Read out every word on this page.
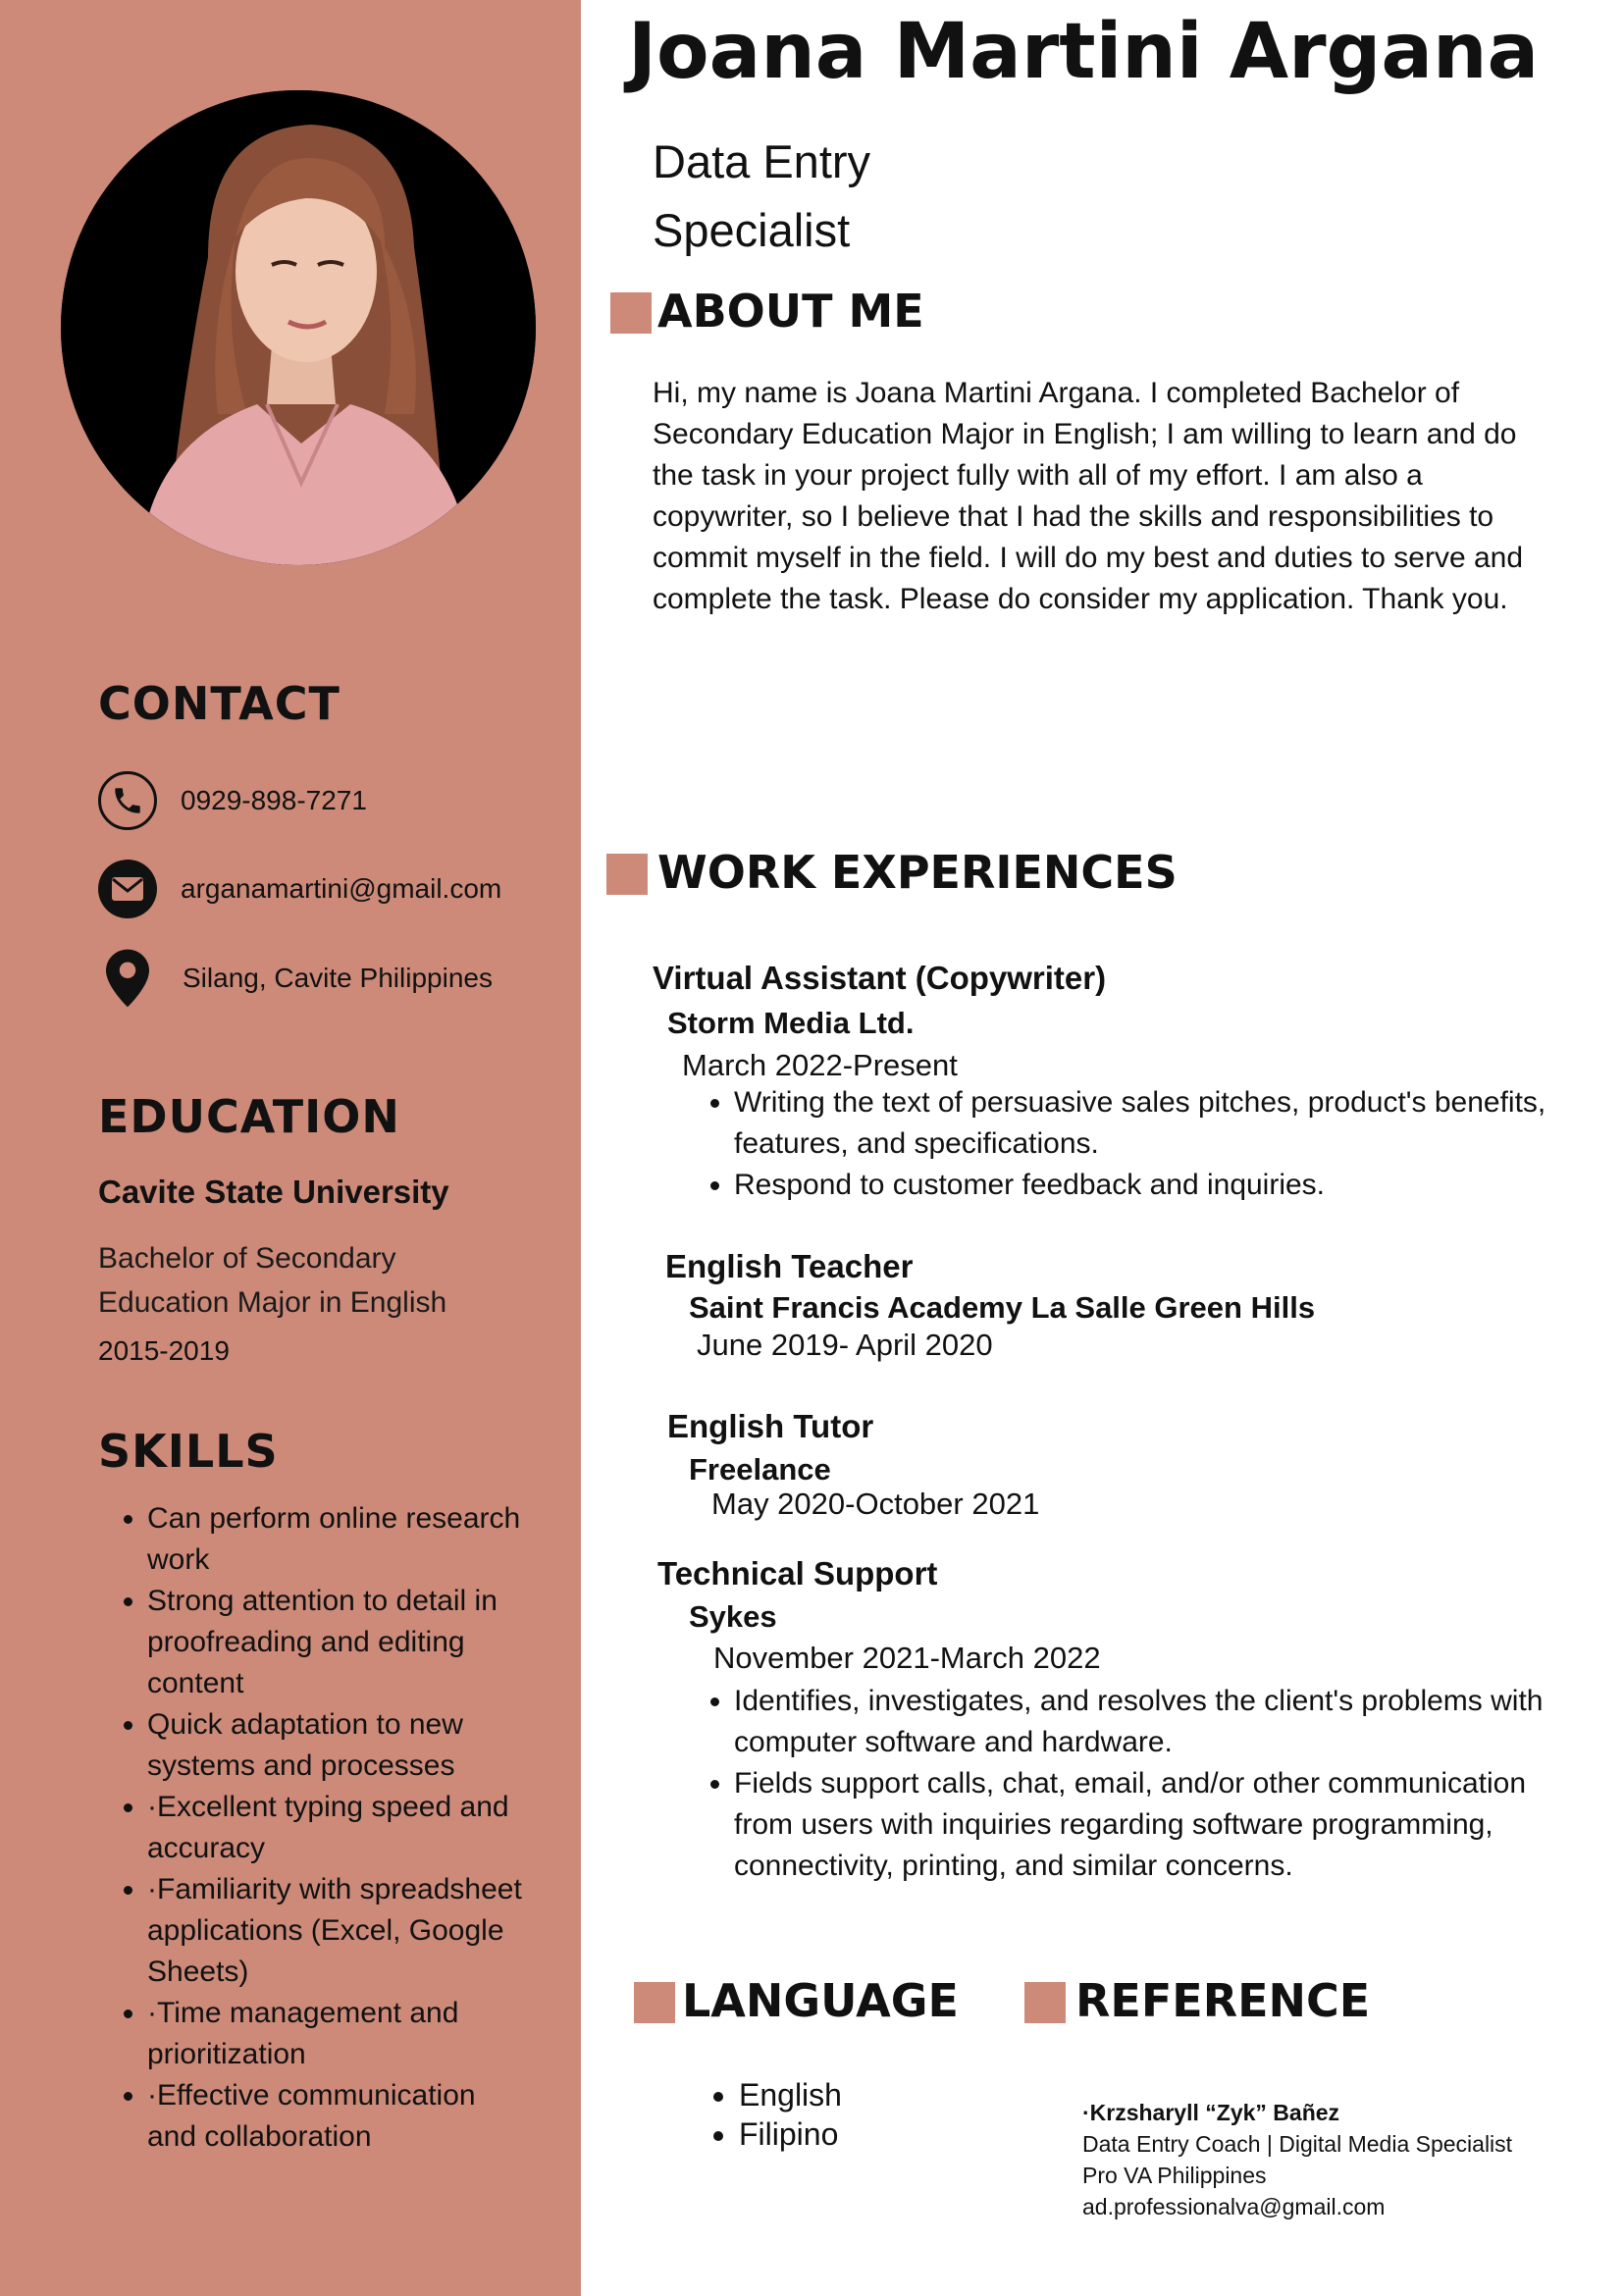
CONTACT
0929-898-7271
arganamartini@gmail.com
Silang, Cavite Philippines
EDUCATION
Cavite State University
Bachelor of Secondary
Education Major in English
2015-2019
SKILLS
• Can perform online research work
• Strong attention to detail in proofreading and editing content
• Quick adaptation to new systems and processes
• ·Excellent typing speed and accuracy
• ·Familiarity with spreadsheet applications (Excel, Google Sheets)
• ·Time management and prioritization
• ·Effective communication and collaboration
Joana Martini Argana
Data Entry
Specialist
ABOUT ME
Hi, my name is Joana Martini Argana. I completed Bachelor of Secondary Education Major in English; I am willing to learn and do the task in your project fully with all of my effort. I am also a copywriter, so I believe that I had the skills and responsibilities to commit myself in the field. I will do my best and duties to serve and complete the task. Please do consider my application. Thank you.
WORK EXPERIENCES
Virtual Assistant (Copywriter)
Storm Media Ltd.
March 2022-Present
• Writing the text of persuasive sales pitches, product's benefits, features, and specifications.
• Respond to customer feedback and inquiries.
English Teacher
Saint Francis Academy La Salle Green Hills
June 2019- April 2020
English Tutor
Freelance
May 2020-October 2021
Technical Support
Sykes
November 2021-March 2022
• Identifies, investigates, and resolves the client's problems with computer software and hardware.
• Fields support calls, chat, email, and/or other communication from users with inquiries regarding software programming, connectivity, printing, and similar concerns.
LANGUAGE
• English
• Filipino
REFERENCE
·Krzsharyll “Zyk” Bañez
Data Entry Coach | Digital Media Specialist
Pro VA Philippines
ad.professionalva@gmail.com
